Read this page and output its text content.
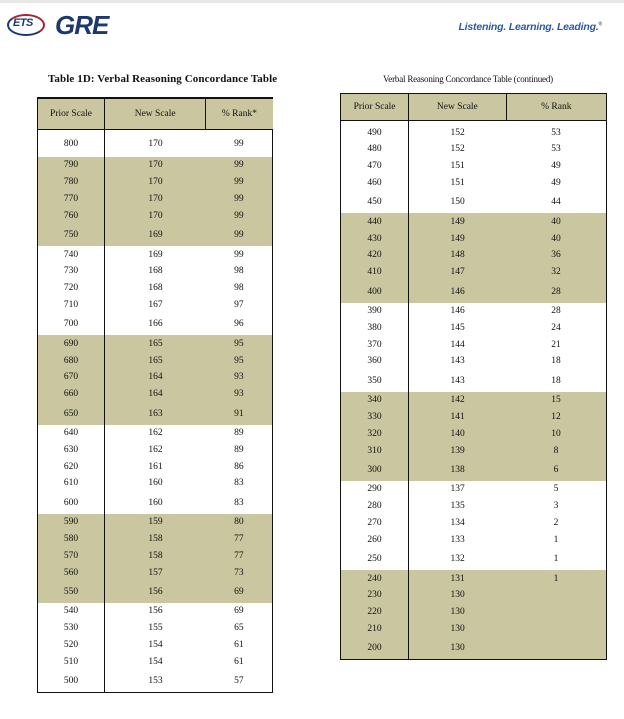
ETS GRE	Listening. Learning. Leading.®
Table 1D: Verbal Reasoning Concordance Table	Verbal Reasoning Concordance Table (continued)
Prior Scale	New Scale	% Rank*
800	170	99
790	170	99
780	170	99
770	170	99
760	170	99
750	169	99
740	169	99
730	168	98
720	168	98
710	167	97
700	166	96
690	165	95
680	165	95
670	164	93
660	164	93
650	163	91
640	162	89
630	162	89
620	161	86
610	160	83
600	160	83
590	159	80
580	158	77
570	158	77
560	157	73
550	156	69
540	156	69
530	155	65
520	154	61
510	154	61
500	153	57
Prior Scale	New Scale	% Rank
490	152	53
480	152	53
470	151	49
460	151	49
450	150	44
440	149	40
430	149	40
420	148	36
410	147	32
400	146	28
390	146	28
380	145	24
370	144	21
360	143	18
350	143	18
340	142	15
330	141	12
320	140	10
310	139	8
300	138	6
290	137	5
280	135	3
270	134	2
260	133	1
250	132	1
240	131	1
230	130	
220	130	
210	130	
200	130	
